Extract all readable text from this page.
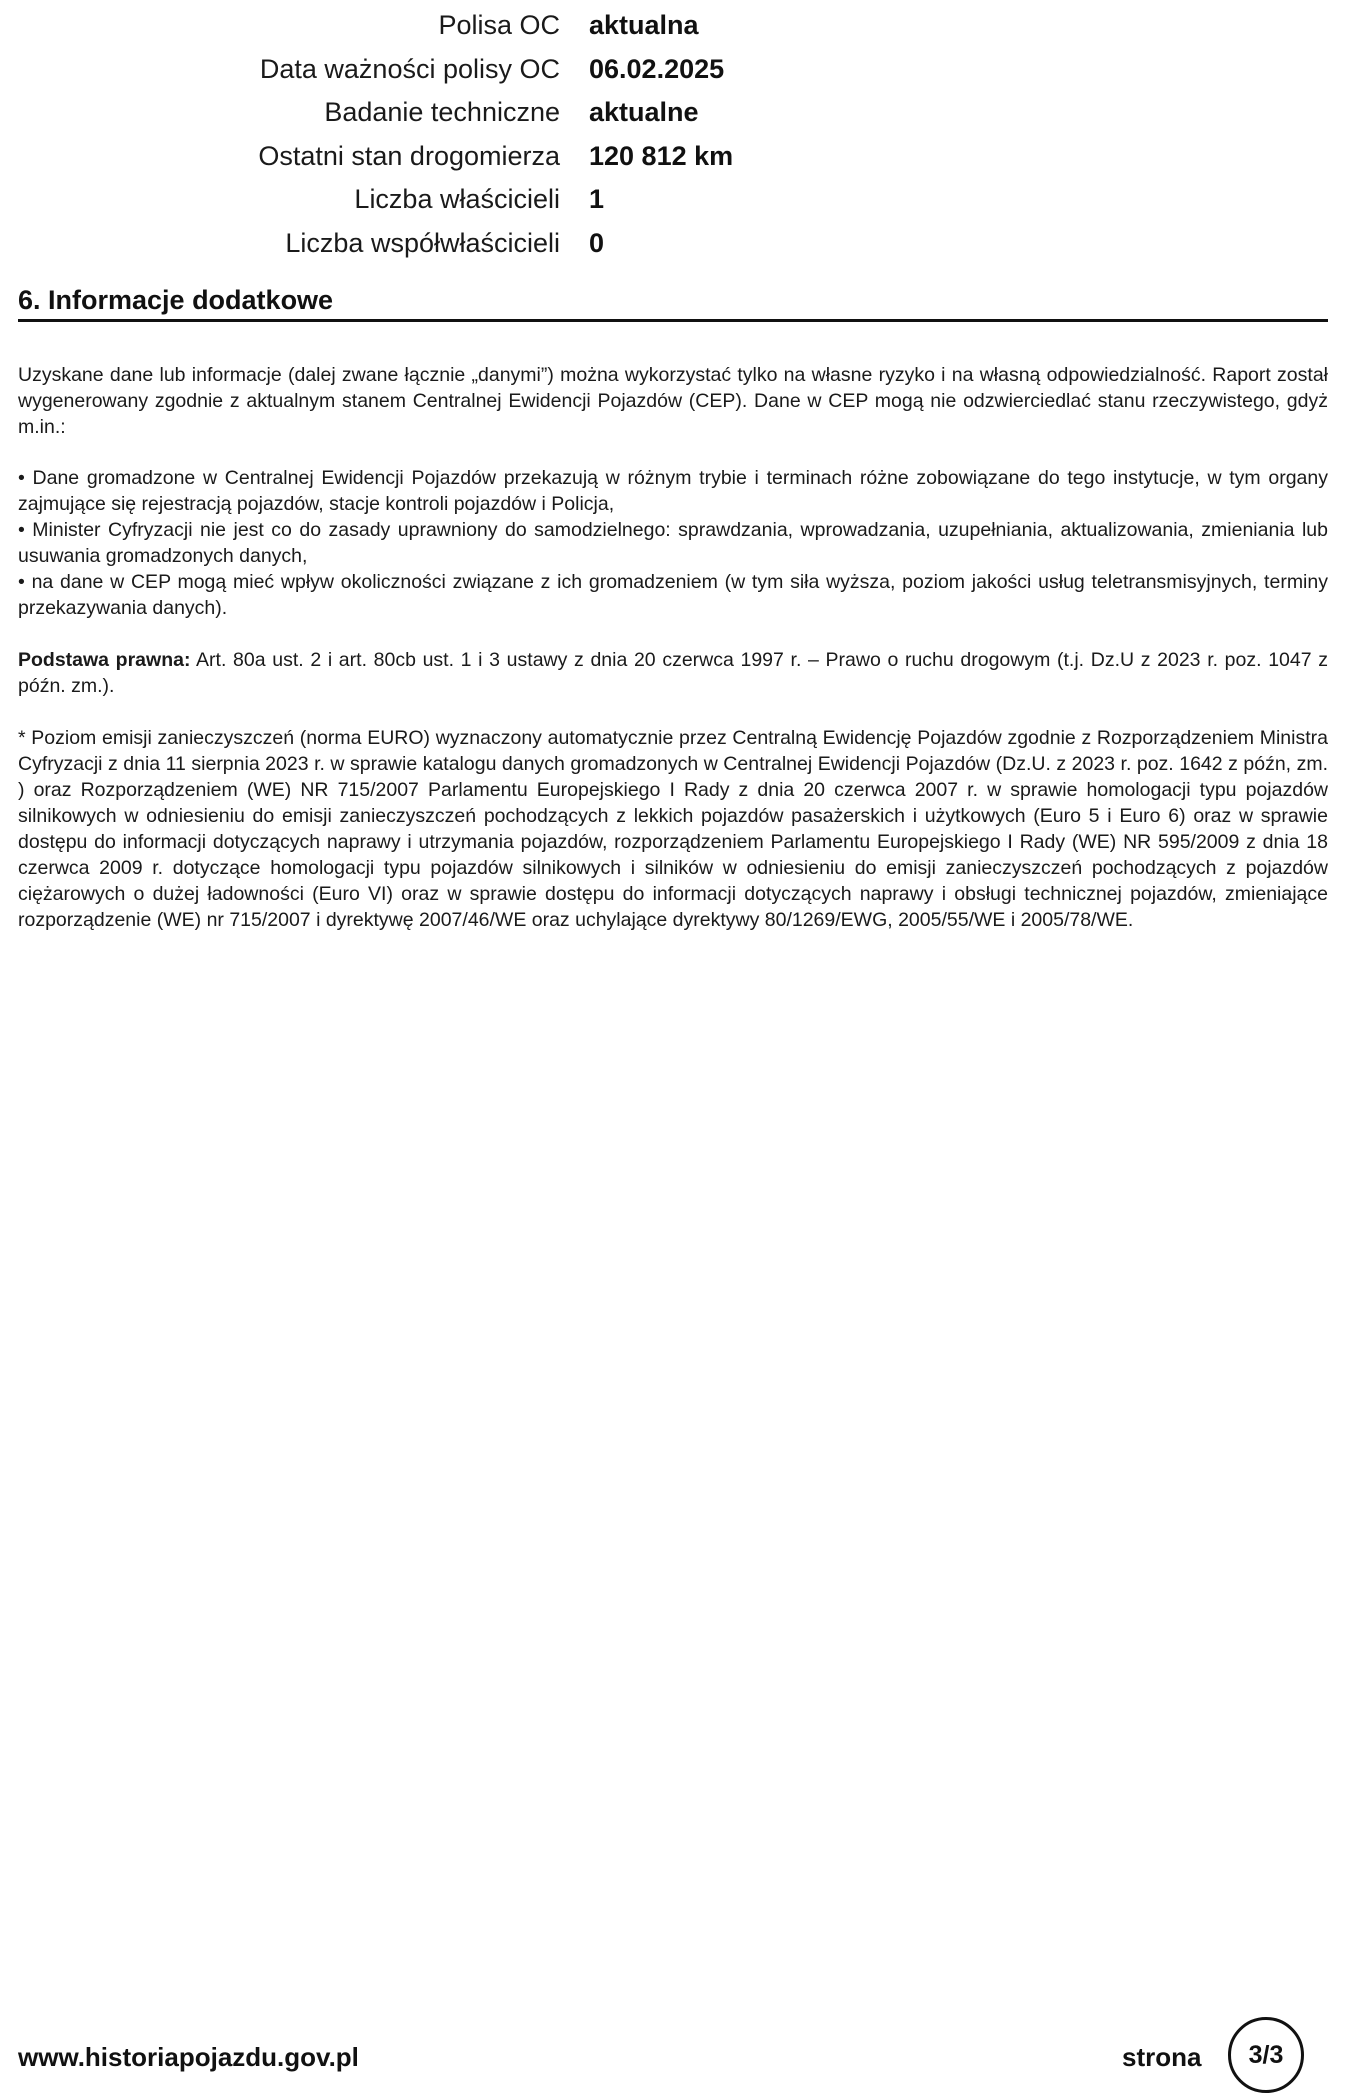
Polisa OC aktualna
Data ważności polisy OC 06.02.2025
Badanie techniczne aktualne
Ostatni stan drogomierza 120 812 km
Liczba właścicieli 1
Liczba współwłaścicieli 0
6. Informacje dodatkowe

Uzyskane dane lub informacje (dalej zwane łącznie „danymi”) można wykorzystać tylko na własne ryzyko i na własną odpowiedzialność. Raport został wygenerowany zgodnie z aktualnym stanem Centralnej Ewidencji Pojazdów (CEP). Dane w CEP mogą nie odzwierciedlać stanu rzeczywistego, gdyż m.in.:

• Dane gromadzone w Centralnej Ewidencji Pojazdów przekazują w różnym trybie i terminach różne zobowiązane do tego instytucje, w tym organy zajmujące się rejestracją pojazdów, stacje kontroli pojazdów i Policja,

• Minister Cyfryzacji nie jest co do zasady uprawniony do samodzielnego: sprawdzania, wprowadzania, uzupełniania, aktualizowania, zmieniania lub usuwania gromadzonych danych,

• na dane w CEP mogą mieć wpływ okoliczności związane z ich gromadzeniem (w tym siła wyższa, poziom jakości usług teletransmisyjnych, terminy przekazywania danych).

Podstawa prawna: Art. 80a ust. 2 i art. 80cb ust. 1 i 3 ustawy z dnia 20 czerwca 1997 r. – Prawo o ruchu drogowym (t.j. Dz.U z 2023 r. poz. 1047 z późn. zm.).

* Poziom emisji zanieczyszczeń (norma EURO) wyznaczony automatycznie przez Centralną Ewidencję Pojazdów zgodnie z Rozporządzeniem Ministra Cyfryzacji z dnia 11 sierpnia 2023 r. w sprawie katalogu danych gromadzonych w Centralnej Ewidencji Pojazdów (Dz.U. z 2023 r. poz. 1642 z późn, zm. ) oraz Rozporządzeniem (WE) NR 715/2007 Parlamentu Europejskiego I Rady z dnia 20 czerwca 2007 r. w sprawie homologacji typu pojazdów silnikowych w odniesieniu do emisji zanieczyszczeń pochodzących z lekkich pojazdów pasażerskich i użytkowych (Euro 5 i Euro 6) oraz w sprawie dostępu do informacji dotyczących naprawy i utrzymania pojazdów, rozporządzeniem Parlamentu Europejskiego I Rady (WE) NR 595/2009 z dnia 18 czerwca 2009 r. dotyczące homologacji typu pojazdów silnikowych i silników w odniesieniu do emisji zanieczyszczeń pochodzących z pojazdów ciężarowych o dużej ładowności (Euro VI) oraz w sprawie dostępu do informacji dotyczących naprawy i obsługi technicznej pojazdów, zmieniające rozporządzenie (WE) nr 715/2007 i dyrektywę 2007/46/WE oraz uchylające dyrektywy 80/1269/EWG, 2005/55/WE i 2005/78/WE.

www.historiapojazdu.gov.pl	strona 3/3
